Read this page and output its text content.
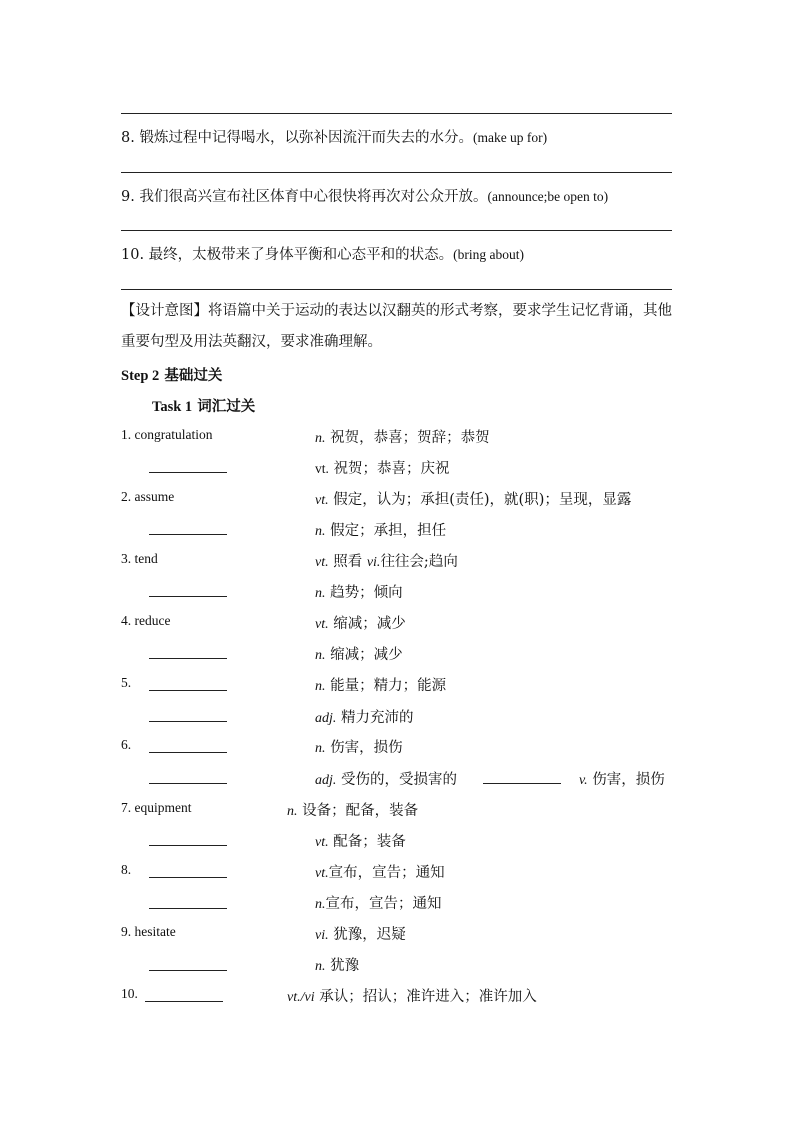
8. 锻炼过程中记得喝水，以弥补因流汗而失去的水分。(make up for)
9. 我们很高兴宣布社区体育中心很快将再次对公众开放。(announce;be open to)
10. 最终，太极带来了身体平衡和心态平和的状态。(bring about)
【设计意图】将语篇中关于运动的表达以汉翻英的形式考察，要求学生记忆背诵，其他重要句型及用法英翻汉，要求准确理解。
Step 2 基础过关
Task 1 词汇过关
1. congratulation	n. 祝贺，恭喜；贺辞；恭贺
vt. 祝贺；恭喜；庆祝
2. assume	vt. 假定，认为；承担(责任)，就(职)；呈现，显露
n. 假定；承担，担任
3. tend	vt. 照看 vi.往往会;趋向
n. 趋势；倾向
4. reduce	vt. 缩减；减少
n. 缩减；减少
5.	n. 能量；精力；能源
adj. 精力充沛的
6.	n. 伤害，损伤
adj. 受伤的，受损害的	v. 伤害，损伤
7. equipment	n. 设备；配备，装备
vt. 配备；装备
8.	vt.宣布，宣告；通知
n.宣布，宣告；通知
9. hesitate	vi. 犹豫，迟疑
n. 犹豫
10.	vt./vi 承认；招认；准许进入；准许加入
